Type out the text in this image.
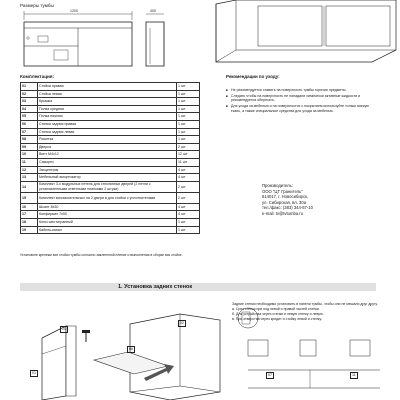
Размеры тумбы
1200	400
Комплектация:
01	Стойка правая	1 шт
02	Стойка левая	1 шт
03	Крышка	1 шт
04	Полка средняя	1 шт
05	Полка нижняя	1 шт
06	Стенка задняя правая	1 шт
07	Стенка задняя левая	1 шт
08	Рошетка	1 шт
09	Дверка	2 шт
10	Винт М4х12	12 шт
11	Саморез	11 шт
12	Эксцентрик	4 шт
13	Мебельный амортизатор	4 шт
14	Комплект 3-х модульных петель для стеклянных дверей (2 петли с установленными ответными планками 2 штуки)	2 шт
15	Комплект вспомогательных на 2 двери в для стойки с уплотнителями	2 шт
16	Шкант 8х30	4 шт
17	Конфирмат 7х50	4 шт
18	Ключ шестигранный	1 шт
19	Кабель-канал	1 шт
Установите крепежи все стойки тумбы согласно заклеенной пленке и выполнения в сборке вся стойке.
Рекомендации по уходу:
■ Не рекомендуется ставить на поверхность тумбы горячие предметы.
■ Следить чтобы на поверхность не попадали химически активные жидкости и рекомендуется оберегать.
■ Для ухода за мебелью и на поверхностях с покрытием используйте только мягкую ткань, а также специальные средства для ухода за мебелью.
Производитель:
ООО "ЦТ Гранитель"
614017, г. Новосибирск,
ул. Сибирская, вл. 30а
тел./факс: (383) 344-57-10
e-mail: tv@tvtumba.ru
1. Установка задних стенок
Задние стенки необходимо установить в панели тумбы, чтобы они не мешали друг другу.
а. Срез стенок при под левой и правой частей стенки.
б. Для устройства через стенки и левую стенку и левую.
в. При отверстия через кредит и стойку левой и стенку.
10
01
06
02
07	11
